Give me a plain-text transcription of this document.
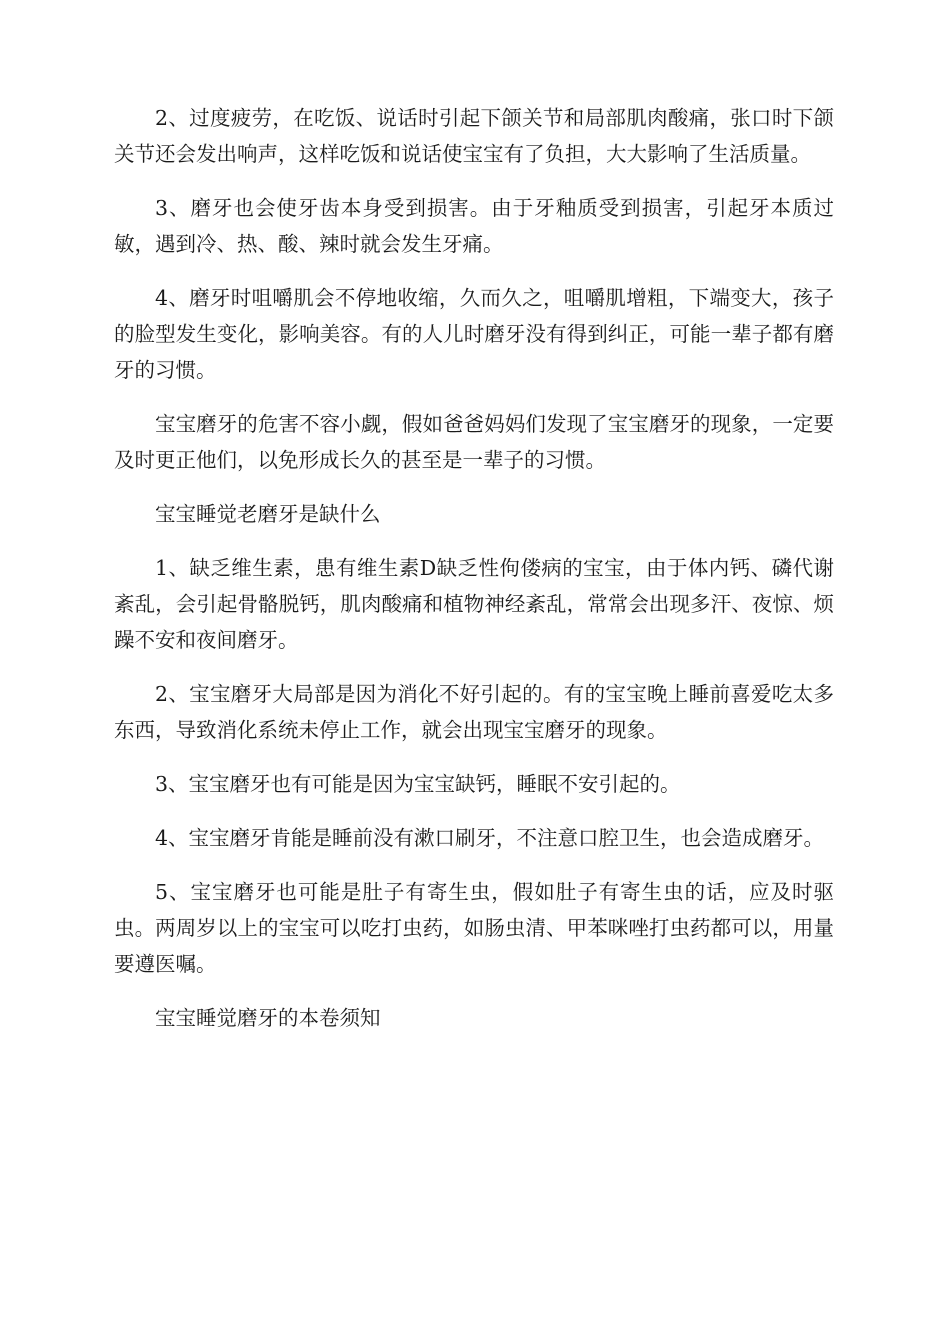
2、过度疲劳，在吃饭、说话时引起下颌关节和局部肌肉酸痛，张口时下颌关节还会发出响声，这样吃饭和说话使宝宝有了负担，大大影响了生活质量。

3、磨牙也会使牙齿本身受到损害。由于牙釉质受到损害，引起牙本质过敏，遇到冷、热、酸、辣时就会发生牙痛。

4、磨牙时咀嚼肌会不停地收缩，久而久之，咀嚼肌增粗，下端变大，孩子的脸型发生变化，影响美容。有的人儿时磨牙没有得到纠正，可能一辈子都有磨牙的习惯。

宝宝磨牙的危害不容小觑，假如爸爸妈妈们发现了宝宝磨牙的现象，一定要及时更正他们，以免形成长久的甚至是一辈子的习惯。

宝宝睡觉老磨牙是缺什么

1、缺乏维生素，患有维生素D缺乏性佝偻病的宝宝，由于体内钙、磷代谢紊乱，会引起骨骼脱钙，肌肉酸痛和植物神经紊乱，常常会出现多汗、夜惊、烦躁不安和夜间磨牙。

2、宝宝磨牙大局部是因为消化不好引起的。有的宝宝晚上睡前喜爱吃太多东西，导致消化系统未停止工作，就会出现宝宝磨牙的现象。

3、宝宝磨牙也有可能是因为宝宝缺钙，睡眠不安引起的。

4、宝宝磨牙肯能是睡前没有漱口刷牙，不注意口腔卫生，也会造成磨牙。

5、宝宝磨牙也可能是肚子有寄生虫，假如肚子有寄生虫的话，应及时驱虫。两周岁以上的宝宝可以吃打虫药，如肠虫清、甲苯咪唑打虫药都可以，用量要遵医嘱。

宝宝睡觉磨牙的本卷须知
